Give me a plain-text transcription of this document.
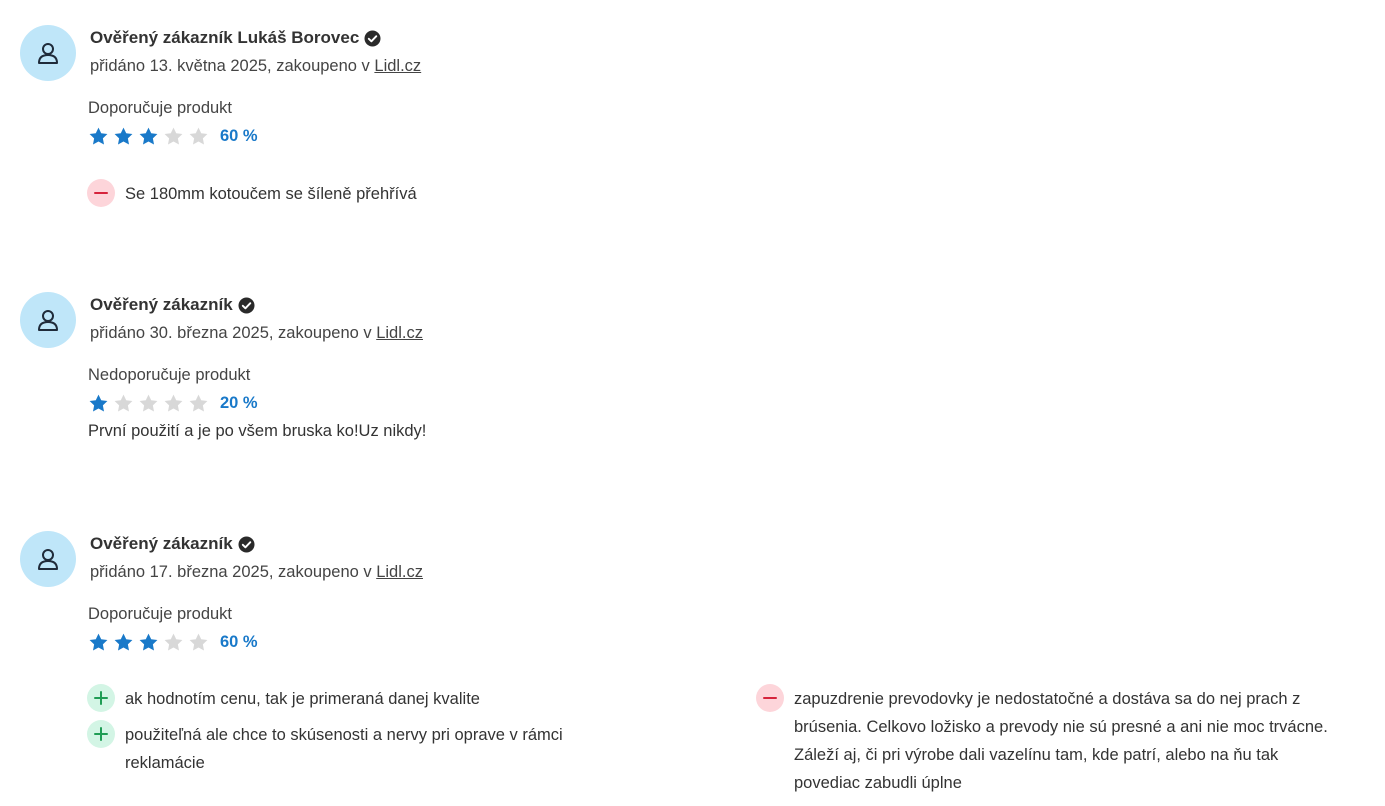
Ověřený zákazník Lukáš Borovec
přidáno 13. května 2025, zakoupeno v Lidl.cz
Doporučuje produkt
60 %
Se 180mm kotoučem se šíleně přehřívá
Ověřený zákazník
přidáno 30. března 2025, zakoupeno v Lidl.cz
Nedoporučuje produkt
20 %
První použití a je po všem bruska ko!Uz nikdy!
Ověřený zákazník
přidáno 17. března 2025, zakoupeno v Lidl.cz
Doporučuje produkt
60 %
ak hodnotím cenu, tak je primeraná danej kvalite
použiteľná ale chce to skúsenosti a nervy pri oprave v rámci reklamácie
zapuzdrenie prevodovky je nedostatočné a dostáva sa do nej prach z brúsenia. Celkovo ložisko a prevody nie sú presné a ani nie moc trvácne. Záleží aj, či pri výrobe dali vazelínu tam, kde patrí, alebo na ňu tak povediac zabudli úplne
